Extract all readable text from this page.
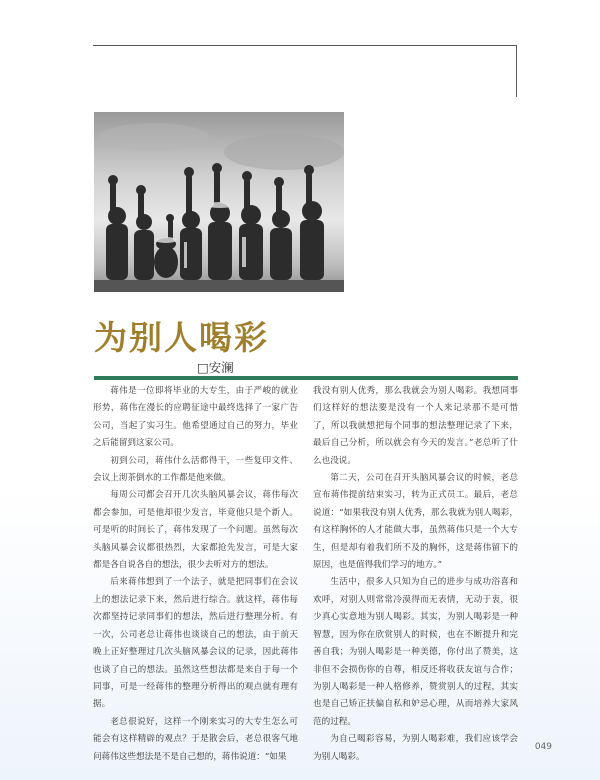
为别人喝彩
□安澜

蒋伟是一位即将毕业的大专生，由于严峻的就业形势，蒋伟在漫长的应聘征途中最终选择了一家广告公司，当起了实习生。他希望通过自己的努力，毕业之后能留到这家公司。

初到公司，蒋伟什么活都得干，一些复印文件、会议上沏茶倒水的工作都是他来做。

每周公司都会召开几次头脑风暴会议，蒋伟每次都会参加，可是他却很少发言，毕竟他只是个新人。可是听的时间长了，蒋伟发现了一个问题。虽然每次头脑风暴会议都很热烈，大家都抢先发言，可是大家都是各自说各自的想法，很少去听对方的想法。

后来蒋伟想到了一个法子，就是把同事们在会议上的想法记录下来，然后进行综合。就这样，蒋伟每次都坚持记录同事们的想法，然后进行整理分析。有一次，公司老总让蒋伟也谈谈自己的想法，由于前天晚上正好整理过几次头脑风暴会议的记录，因此蒋伟也谈了自己的想法。虽然这些想法都是来自于每一个同事，可是一经蒋伟的整理分析得出的观点就有理有据。

老总很说好，这样一个刚来实习的大专生怎么可能会有这样精辟的观点？于是散会后，老总很客气地问蒋伟这些想法是不是自己想的，蒋伟说道：“如果

我没有别人优秀，那么我就会为别人喝彩。我想同事们这样好的想法要是没有一个人来记录那不是可惜了，所以我就想把每个同事的想法整理记录了下来，最后自己分析，所以就会有今天的发言。”老总听了什么也没说。

第二天，公司在召开头脑风暴会议的时候，老总宣布蒋伟提前结束实习，转为正式员工。最后，老总说道：“如果我没有别人优秀，那么我就为别人喝彩，有这样胸怀的人才能做大事，虽然蒋伟只是一个大专生，但是却有着我们所不及的胸怀，这是蒋伟留下的原因，也是值得我们学习的地方。”

生活中，很多人只知为自己的进步与成功浴喜和欢呼，对别人则常常冷漠得而无表情，无动于衷，很少真心实意地为别人喝彩。其实，为别人喝彩是一种智慧，因为你在欣赏别人的时候，也在不断提升和完善自我；为别人喝彩是一种美德，你付出了赞美，这非但不会损伤你的自尊，相反还将收获友谊与合作；为别人喝彩是一种人格修养，赞赏别人的过程，其实也是自己矫正扶偏自私和妒忌心理，从而培养大家风范的过程。

为自己喝彩容易，为别人喝彩难，我们应该学会为别人喝彩。

049
